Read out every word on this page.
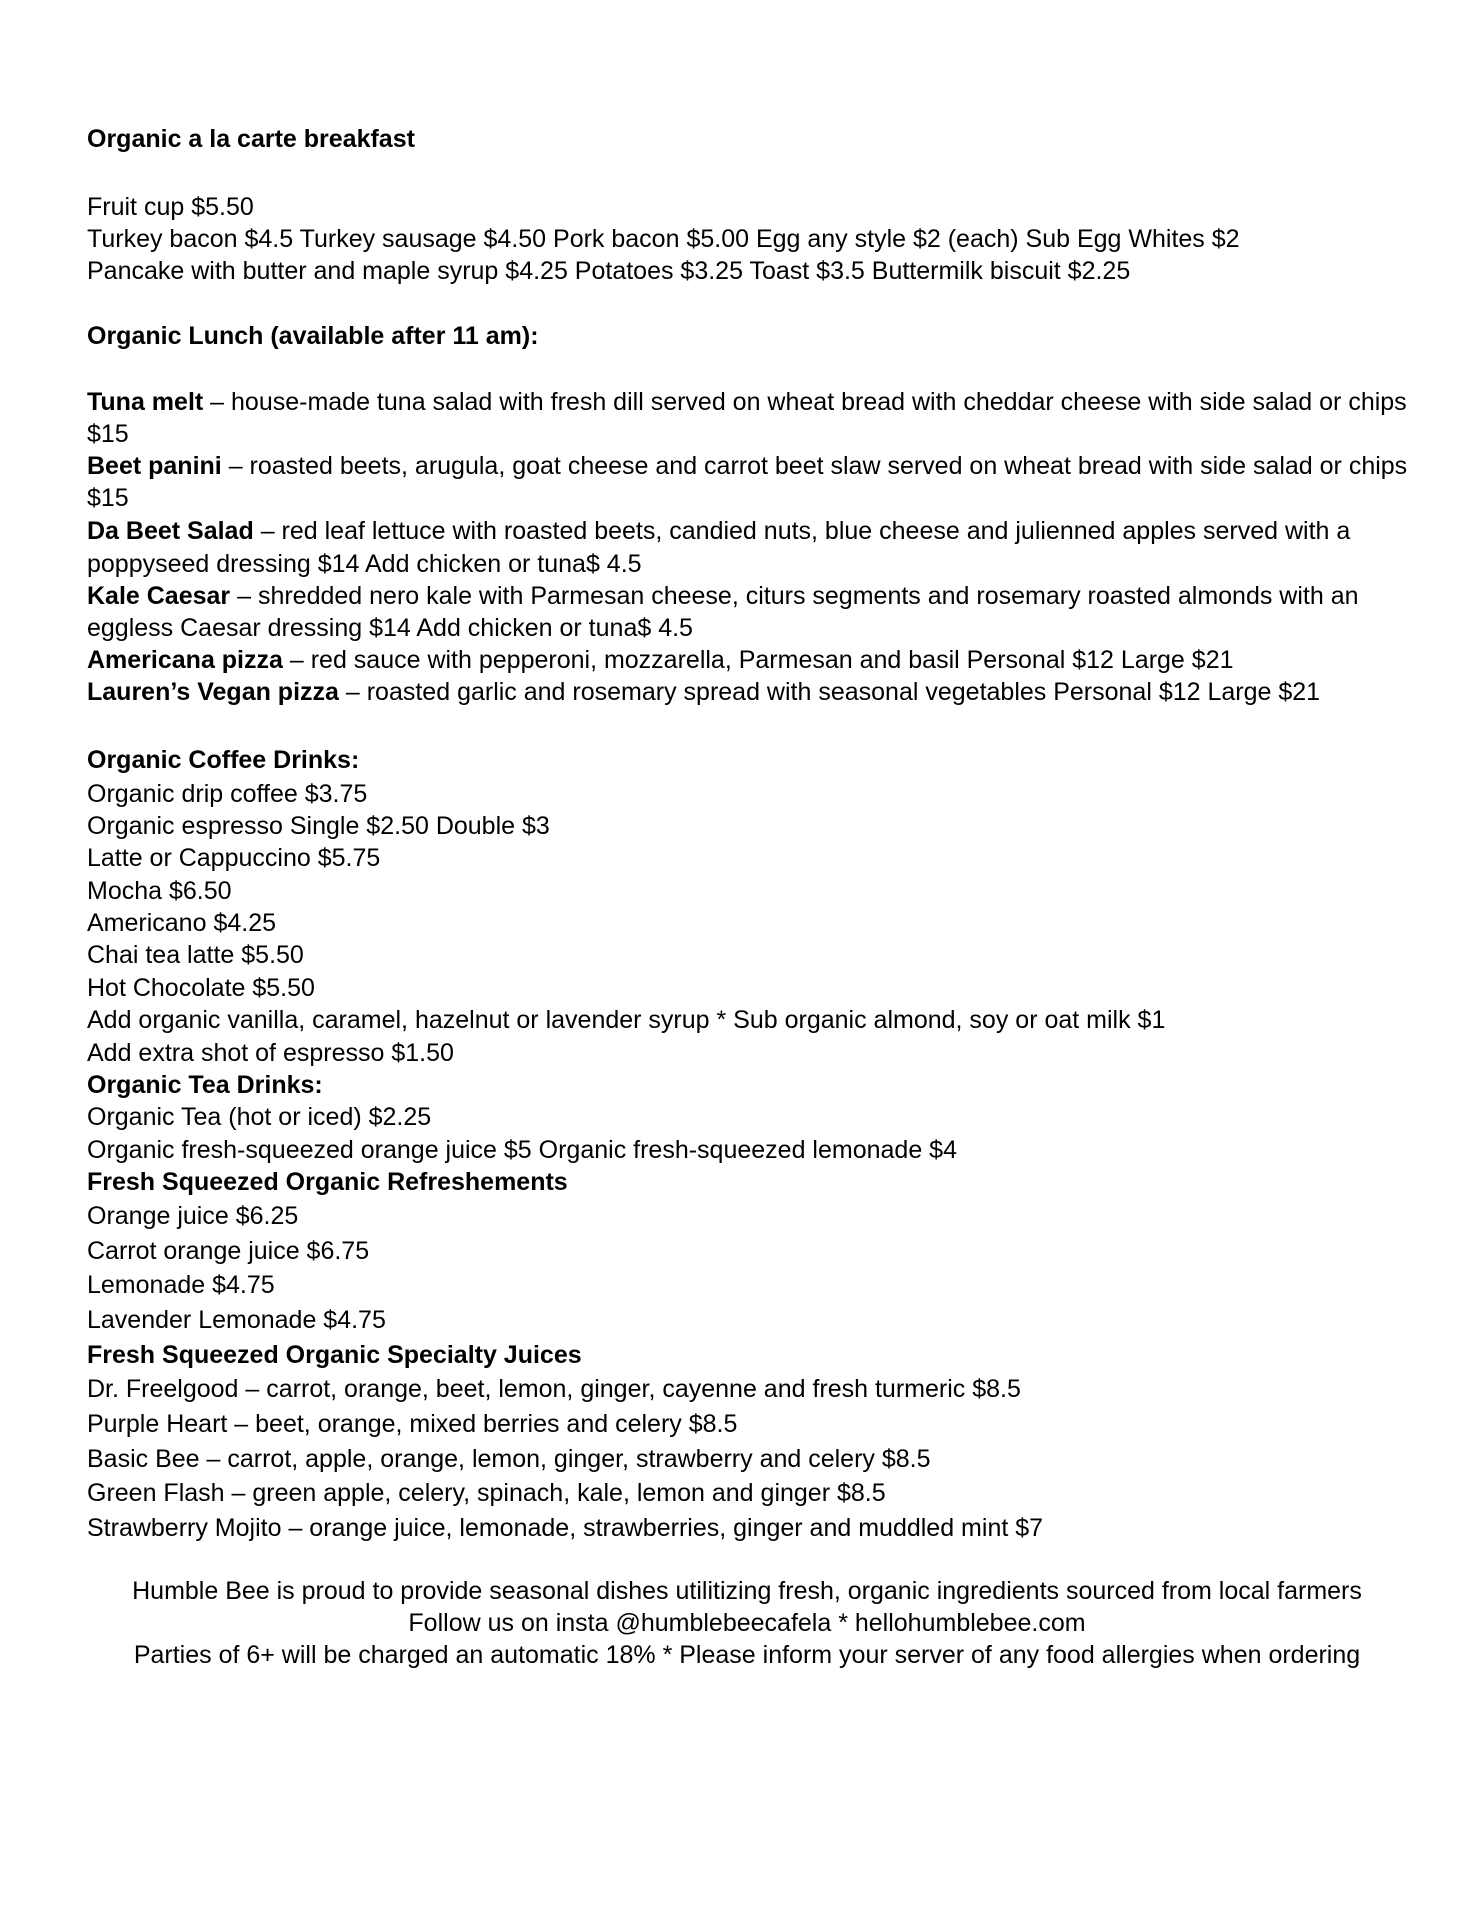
Organic a la carte breakfast
Fruit cup $5.50
Turkey bacon $4.5 Turkey sausage $4.50 Pork bacon $5.00 Egg any style $2 (each) Sub Egg Whites $2
Pancake with butter and maple syrup $4.25 Potatoes $3.25 Toast $3.5 Buttermilk biscuit $2.25
Organic Lunch (available after 11 am):
Tuna melt – house-made tuna salad with fresh dill served on wheat bread with cheddar cheese with side salad or chips
$15
Beet panini – roasted beets, arugula, goat cheese and carrot beet slaw served on wheat bread with side salad or chips
$15
Da Beet Salad – red leaf lettuce with roasted beets, candied nuts, blue cheese and julienned apples served with a
poppyseed dressing $14 Add chicken or tuna$ 4.5
Kale Caesar – shredded nero kale with Parmesan cheese, citurs segments and rosemary roasted almonds with an
eggless Caesar dressing $14 Add chicken or tuna$ 4.5
Americana pizza – red sauce with pepperoni, mozzarella, Parmesan and basil Personal $12 Large $21
Lauren’s Vegan pizza – roasted garlic and rosemary spread with seasonal vegetables Personal $12 Large $21
Organic Coffee Drinks:
Organic drip coffee $3.75
Organic espresso Single $2.50 Double $3
Latte or Cappuccino $5.75
Mocha $6.50
Americano $4.25
Chai tea latte $5.50
Hot Chocolate $5.50
Add organic vanilla, caramel, hazelnut or lavender syrup * Sub organic almond, soy or oat milk $1
Add extra shot of espresso $1.50
Organic Tea Drinks:
Organic Tea (hot or iced) $2.25
Organic fresh-squeezed orange juice $5 Organic fresh-squeezed lemonade $4
Fresh Squeezed Organic Refreshements
Orange juice $6.25
Carrot orange juice $6.75
Lemonade $4.75
Lavender Lemonade $4.75
Fresh Squeezed Organic Specialty Juices
Dr. Freelgood – carrot, orange, beet, lemon, ginger, cayenne and fresh turmeric $8.5
Purple Heart – beet, orange, mixed berries and celery $8.5
Basic Bee – carrot, apple, orange, lemon, ginger, strawberry and celery $8.5
Green Flash – green apple, celery, spinach, kale, lemon and ginger $8.5
Strawberry Mojito – orange juice, lemonade, strawberries, ginger and muddled mint $7
Humble Bee is proud to provide seasonal dishes utilitizing fresh, organic ingredients sourced from local farmers
Follow us on insta @humblebeecafela * hellohumblebee.com
Parties of 6+ will be charged an automatic 18% * Please inform your server of any food allergies when ordering
